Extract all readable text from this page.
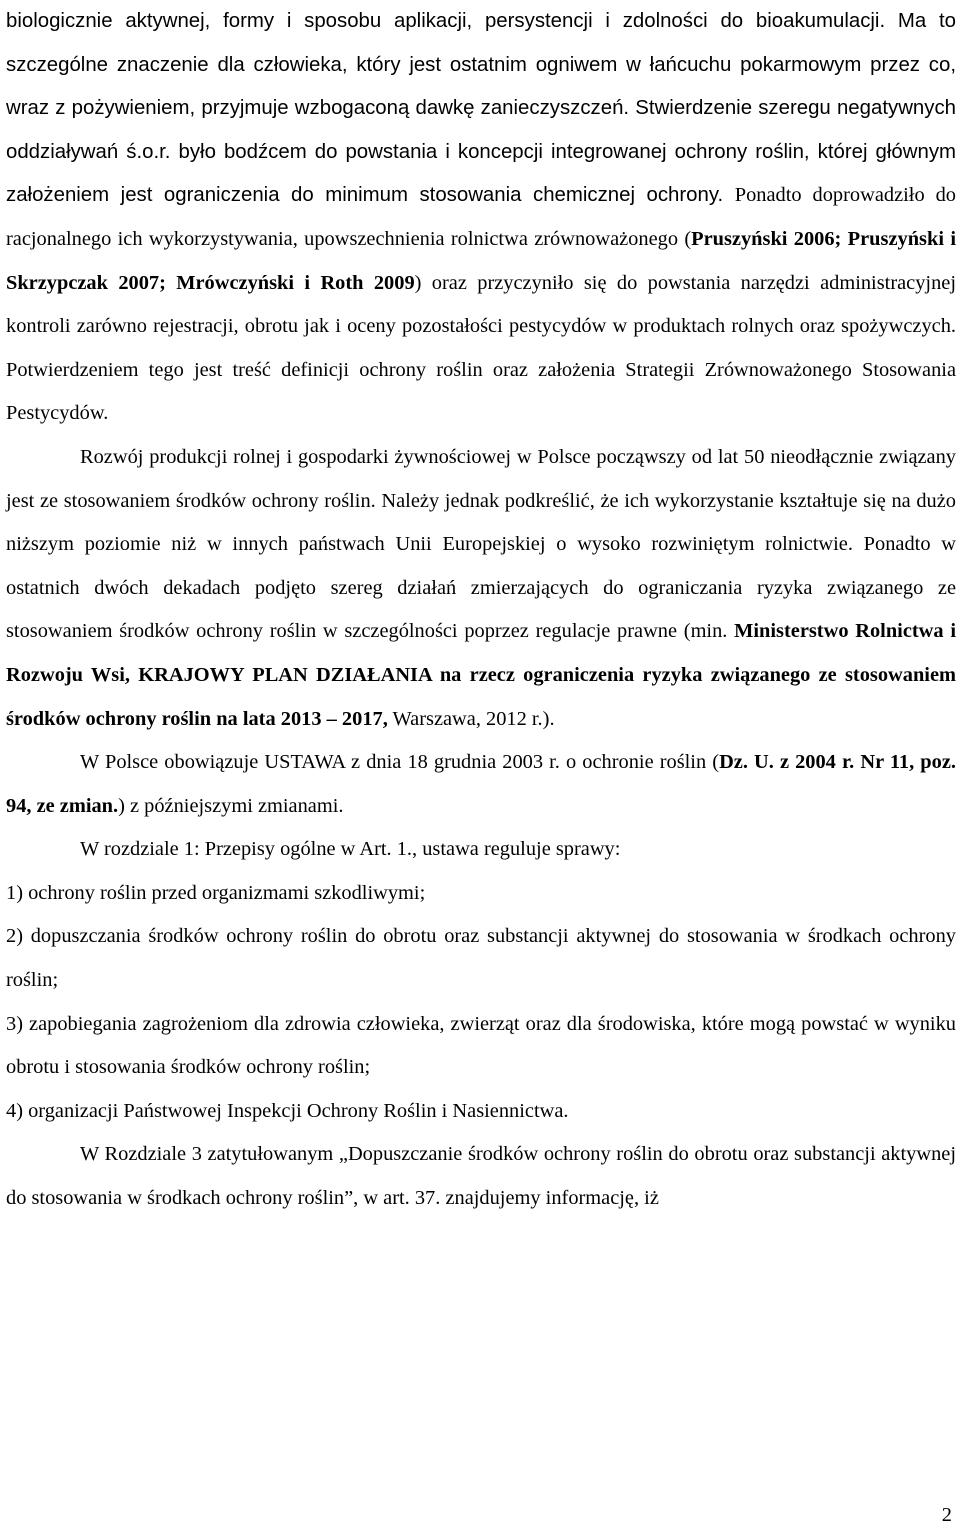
biologicznie aktywnej, formy i sposobu aplikacji, persystencji i zdolności do bioakumulacji. Ma to szczególne znaczenie dla człowieka, który jest ostatnim ogniwem w łańcuchu pokarmowym przez co, wraz z pożywieniem, przyjmuje wzbogaconą dawkę zanieczyszczeń. Stwierdzenie szeregu negatywnych oddziaływań ś.o.r. było bodźcem do powstania i koncepcji integrowanej ochrony roślin, której głównym założeniem jest ograniczenia do minimum stosowania chemicznej ochrony. Ponadto doprowadziło do racjonalnego ich wykorzystywania, upowszechnienia rolnictwa zrównoważonego (Pruszyński 2006; Pruszyński i Skrzypczak 2007; Mrówczyński i Roth 2009) oraz przyczyniło się do powstania narzędzi administracyjnej kontroli zarówno rejestracji, obrotu jak i oceny pozostałości pestycydów w produktach rolnych oraz spożywczych. Potwierdzeniem tego jest treść definicji ochrony roślin oraz założenia Strategii Zrównoważonego Stosowania Pestycydów.

Rozwój produkcji rolnej i gospodarki żywnościowej w Polsce począwszy od lat 50 nieodłącznie związany jest ze stosowaniem środków ochrony roślin. Należy jednak podkreślić, że ich wykorzystanie kształtuje się na dużo niższym poziomie niż w innych państwach Unii Europejskiej o wysoko rozwiniętym rolnictwie. Ponadto w ostatnich dwóch dekadach podjęto szereg działań zmierzających do ograniczania ryzyka związanego ze stosowaniem środków ochrony roślin w szczególności poprzez regulacje prawne (min. Ministerstwo Rolnictwa i Rozwoju Wsi, KRAJOWY PLAN DZIAŁANIA na rzecz ograniczenia ryzyka związanego ze stosowaniem środków ochrony roślin na lata 2013 – 2017, Warszawa, 2012 r.).

W Polsce obowiązuje USTAWA z dnia 18 grudnia 2003 r. o ochronie roślin (Dz. U. z 2004 r. Nr 11, poz. 94, ze zmian.) z późniejszymi zmianami.

W rozdziale 1: Przepisy ogólne w Art. 1., ustawa reguluje sprawy:

1) ochrony roślin przed organizmami szkodliwymi;

2) dopuszczania środków ochrony roślin do obrotu oraz substancji aktywnej do stosowania w środkach ochrony roślin;

3) zapobiegania zagrożeniom dla zdrowia człowieka, zwierząt oraz dla środowiska, które mogą powstać w wyniku obrotu i stosowania środków ochrony roślin;

4) organizacji Państwowej Inspekcji Ochrony Roślin i Nasiennictwa.

W Rozdziale 3 zatytułowanym „Dopuszczanie środków ochrony roślin do obrotu oraz substancji aktywnej do stosowania w środkach ochrony roślin”, w art. 37. znajdujemy informację, iż

2
